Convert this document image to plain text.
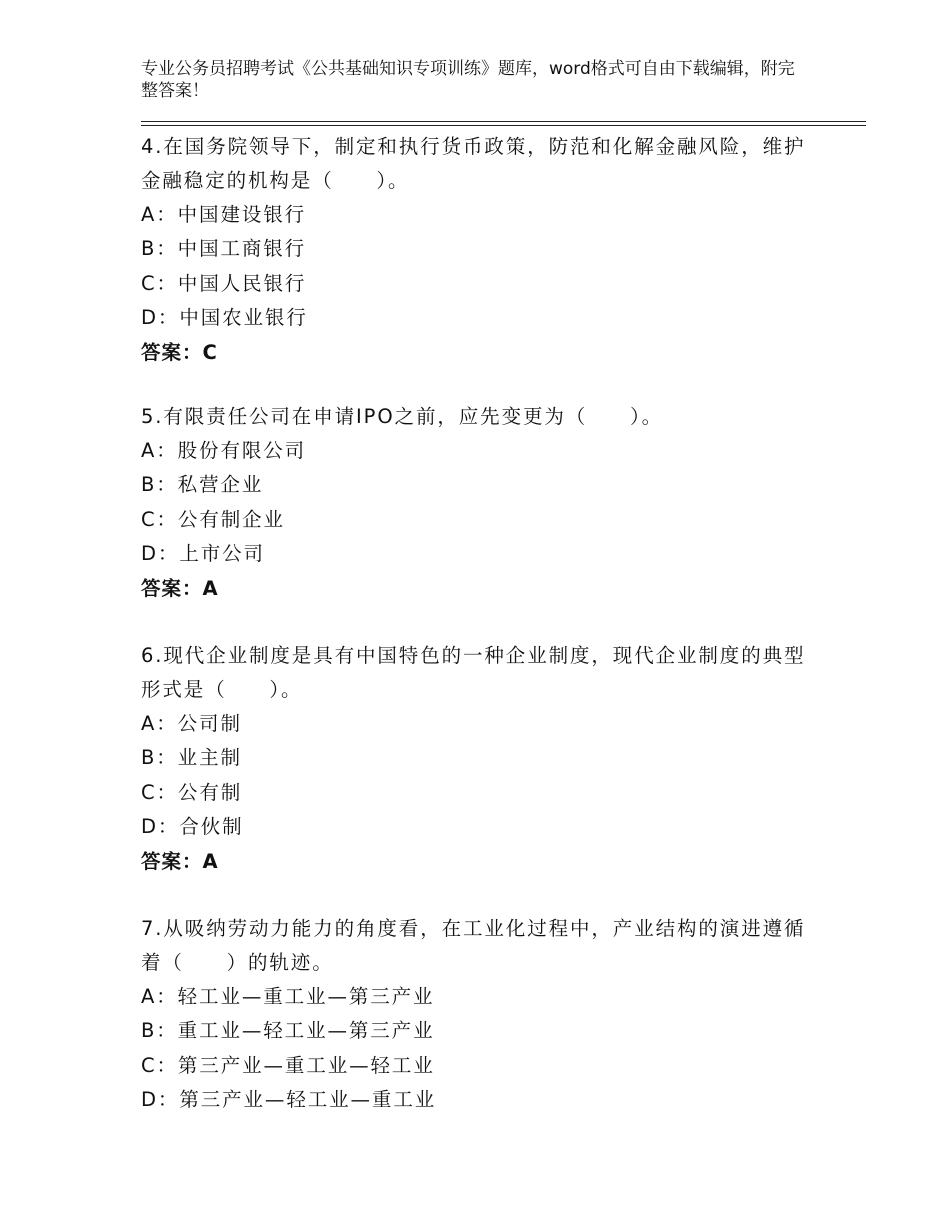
专业公务员招聘考试《公共基础知识专项训练》题库，word格式可自由下载编辑，附完整答案！

4.在国务院领导下，制定和执行货币政策，防范和化解金融风险，维护金融稳定的机构是（　　）。

A：中国建设银行

B：中国工商银行

C：中国人民银行

D：中国农业银行

答案：C

5.有限责任公司在申请IPO之前，应先变更为（　　）。

A：股份有限公司

B：私营企业

C：公有制企业

D：上市公司

答案：A

6.现代企业制度是具有中国特色的一种企业制度，现代企业制度的典型形式是（　　）。

A：公司制

B：业主制

C：公有制

D：合伙制

答案：A

7.从吸纳劳动力能力的角度看，在工业化过程中，产业结构的演进遵循着（　　）的轨迹。

A：轻工业—重工业—第三产业

B：重工业—轻工业—第三产业

C：第三产业—重工业—轻工业

D：第三产业—轻工业—重工业
